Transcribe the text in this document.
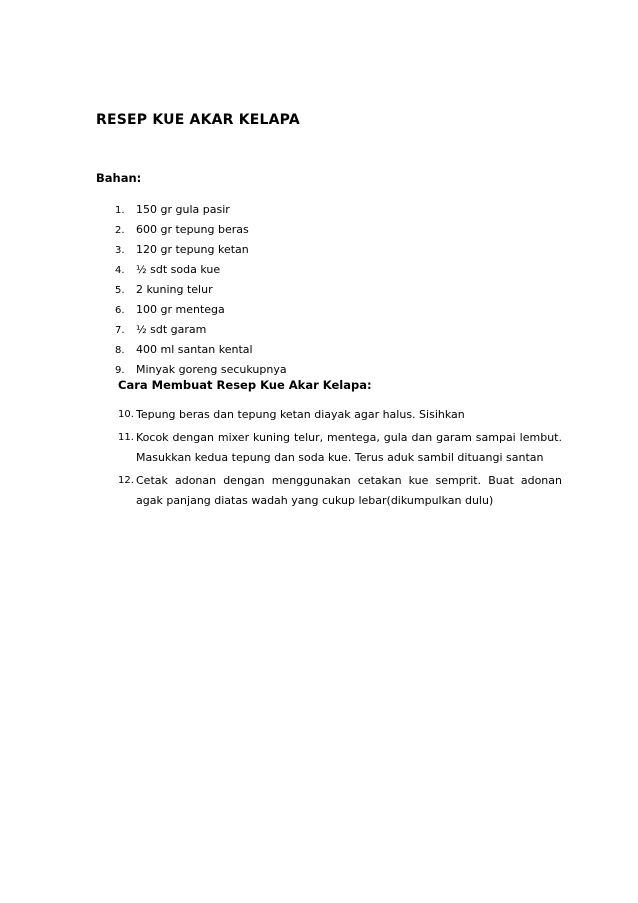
RESEP KUE AKAR KELAPA
Bahan:
1. 150 gr gula pasir
2. 600 gr tepung beras
3. 120 gr tepung ketan
4. ½ sdt soda kue
5. 2 kuning telur
6. 100 gr mentega
7. ½ sdt garam
8. 400 ml santan kental
9. Minyak goreng secukupnya
Cara Membuat Resep Kue Akar Kelapa:
10. Tepung beras dan tepung ketan diayak agar halus. Sisihkan
11. Kocok dengan mixer kuning telur, mentega, gula dan garam sampai lembut. Masukkan kedua tepung dan soda kue. Terus aduk sambil dituangi santan
12. Cetak adonan dengan menggunakan cetakan kue semprit. Buat adonan agak panjang diatas wadah yang cukup lebar(dikumpulkan dulu)
